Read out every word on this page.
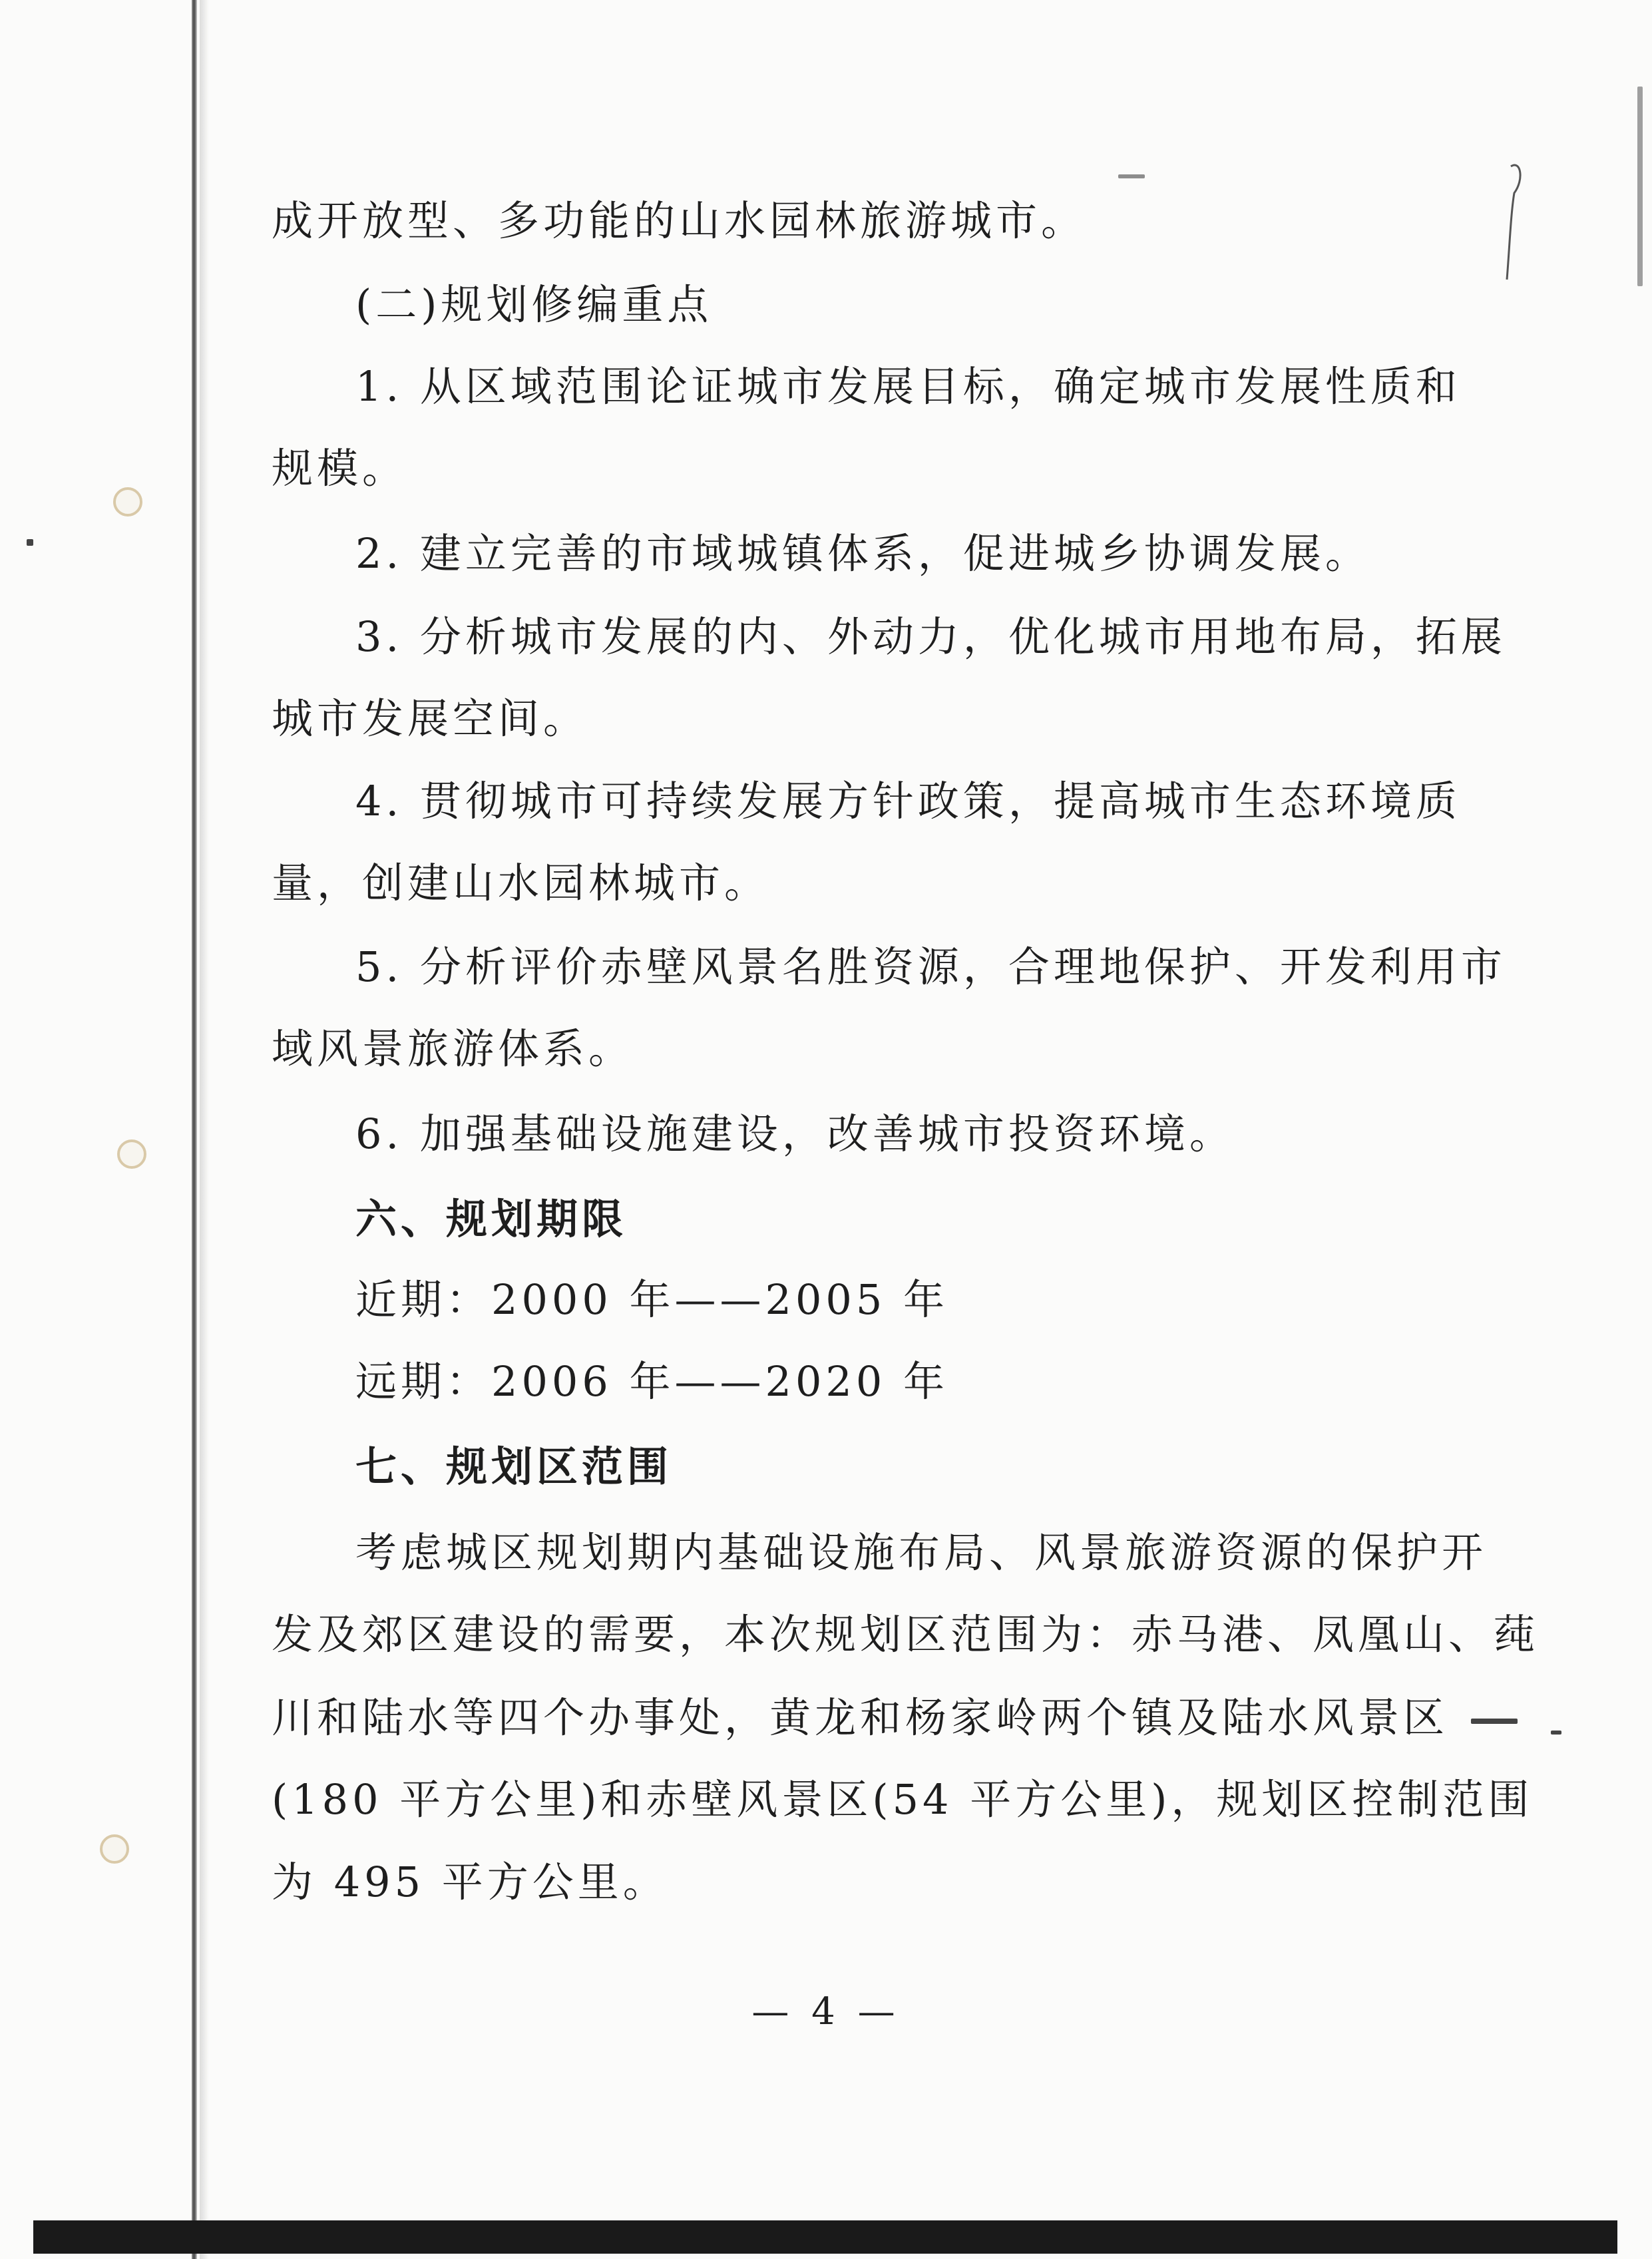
成开放型、多功能的山水园林旅游城市。
(二)规划修编重点
1. 从区域范围论证城市发展目标，确定城市发展性质和
规模。
2. 建立完善的市域城镇体系，促进城乡协调发展。
3. 分析城市发展的内、外动力，优化城市用地布局，拓展
城市发展空间。
4. 贯彻城市可持续发展方针政策，提高城市生态环境质
量，创建山水园林城市。
5. 分析评价赤壁风景名胜资源，合理地保护、开发利用市
域风景旅游体系。
6. 加强基础设施建设，改善城市投资环境。
六、规划期限
近期：2000 年——2005 年
远期：2006 年——2020 年
七、规划区范围
考虑城区规划期内基础设施布局、风景旅游资源的保护开
发及郊区建设的需要，本次规划区范围为：赤马港、凤凰山、莼
川和陆水等四个办事处，黄龙和杨家岭两个镇及陆水风景区
(180 平方公里)和赤壁风景区(54 平方公里)，规划区控制范围
为 495 平方公里。
— 4 —
